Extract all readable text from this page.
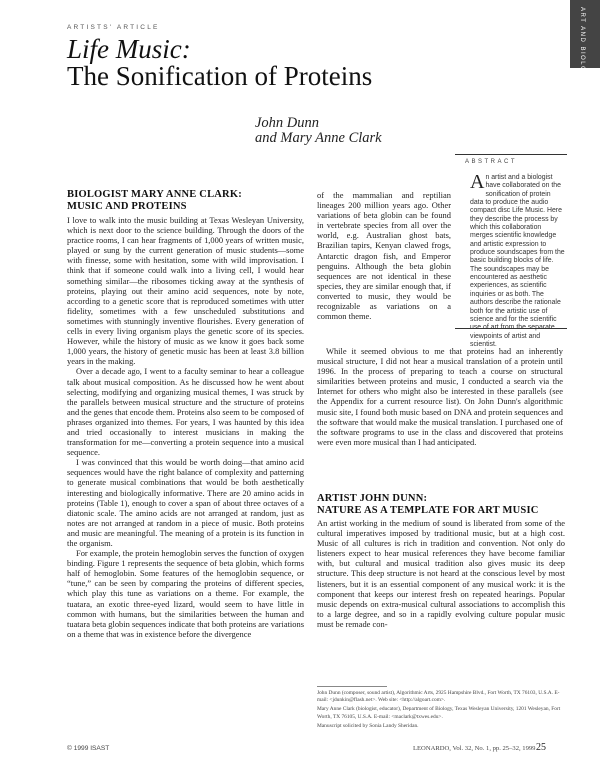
ARTISTS' ARTICLE
Life Music:
The Sonification of Proteins	ART AND BIOLOGY
John Dunn
and Mary Anne Clark
ABSTRACT
An artist and a biologist have collaborated on the sonification of protein data to produce the audio compact disc Life Music. Here they describe the process by which this collaboration merges scientific knowledge and artistic expression to produce soundscapes from the basic building blocks of life. The soundscapes may be encountered as aesthetic experiences, as scientific inquiries or as both. The authors describe the rationale both for the artistic use of science and for the scientific use of art from the separate viewpoints of artist and scientist.
BIOLOGIST MARY ANNE CLARK:
MUSIC AND PROTEINS

I love to walk into the music building at Texas Wesleyan University, which is next door to the science building. Through the doors of the practice rooms, I can hear fragments of 1,000 years of written music, played or sung by the current generation of music students—some with finesse, some with hesitation, some with wild improvisation. I think that if someone could walk into a living cell, I would hear something similar—the ribosomes ticking away at the synthesis of proteins, playing out their amino acid sequences, note by note, according to a genetic score that is reproduced sometimes with utter fidelity, sometimes with a few unscheduled substitutions and sometimes with stunningly inventive flourishes. Every generation of cells in every living organism plays the genetic score of its species. However, while the history of music as we know it goes back some 1,000 years, the history of genetic music has been at least 3.8 billion years in the making.

Over a decade ago, I went to a faculty seminar to hear a colleague talk about musical composition. As he discussed how he went about selecting, modifying and organizing musical themes, I was struck by the parallels between musical structure and the structure of proteins and the genes that encode them. Proteins also seem to be composed of phrases organized into themes. For years, I was haunted by this idea and tried occasionally to interest musicians in making the transformation for me—converting a protein sequence into a musical sequence.

I was convinced that this would be worth doing—that amino acid sequences would have the right balance of complexity and patterning to generate musical combinations that would be both aesthetically interesting and biologically informative. There are 20 amino acids in proteins (Table 1), enough to cover a span of about three octaves of a diatonic scale. The amino acids are not arranged at random, just as notes are not arranged at random in a piece of music. Both proteins and music are meaningful. The meaning of a protein is its function in the organism.

For example, the protein hemoglobin serves the function of oxygen binding. Figure 1 represents the sequence of beta globin, which forms half of hemoglobin. Some features of the hemoglobin sequence, or “tune,” can be seen by comparing the proteins of different species, which play this tune as variations on a theme. For example, the tuatara, an exotic three-eyed lizard, would seem to have little in common with humans, but the similarities between the human and tuatara beta globin sequences indicate that both proteins are variations on a theme that was in existence before the divergence

of the mammalian and reptilian lineages 200 million years ago. Other variations of beta globin can be found in vertebrate species from all over the world, e.g. Australian ghost bats, Brazilian tapirs, Kenyan clawed frogs, Antarctic dragon fish, and Emperor penguins. Although the beta globin sequences are not identical in these species, they are similar enough that, if converted to music, they would be recognizable as variations on a common theme.

While it seemed obvious to me that proteins had an inherently musical structure, I did not hear a musical translation of a protein until 1996. In the process of preparing to teach a course on structural similarities between proteins and music, I conducted a search via the Internet for others who might also be interested in these parallels (see the Appendix for a current resource list). On John Dunn's algorithmic music site, I found both music based on DNA and protein sequences and the software that would make the musical translation. I purchased one of the software programs to use in the class and discovered that proteins were even more musical than I had anticipated.

ARTIST JOHN DUNN:
NATURE AS A TEMPLATE FOR ART MUSIC

An artist working in the medium of sound is liberated from some of the cultural imperatives imposed by traditional music, but at a high cost. Music of all cultures is rich in tradition and convention. Not only do listeners expect to hear musical references they have become familiar with, but cultural and musical tradition also gives music its deep structure. This deep structure is not heard at the conscious level by most listeners, but it is an essential component of any musical work: it is the component that keeps our interest fresh on repeated hearings. Popular music depends on extra-musical cultural associations to accomplish this to a large degree, and so in a rapidly evolving culture popular music must be remade con-

John Dunn (composer, sound artist), Algorithmic Arts, 2925 Hampshire Blvd., Fort Worth, TX 76103, U.S.A. E-mail: <jdunkin@flash.net>. Web site: <http://algoart.com>.

Mary Anne Clark (biologist, educator), Department of Biology, Texas Wesleyan University, 1201 Wesleyan, Fort Worth, TX 76105, U.S.A. E-mail: <maclark@txwes.edu>.

Manuscript solicited by Sonia Landy Sheridan.

© 1999 ISAST	LEONARDO, Vol. 32, No. 1, pp. 25–32, 1999 25
